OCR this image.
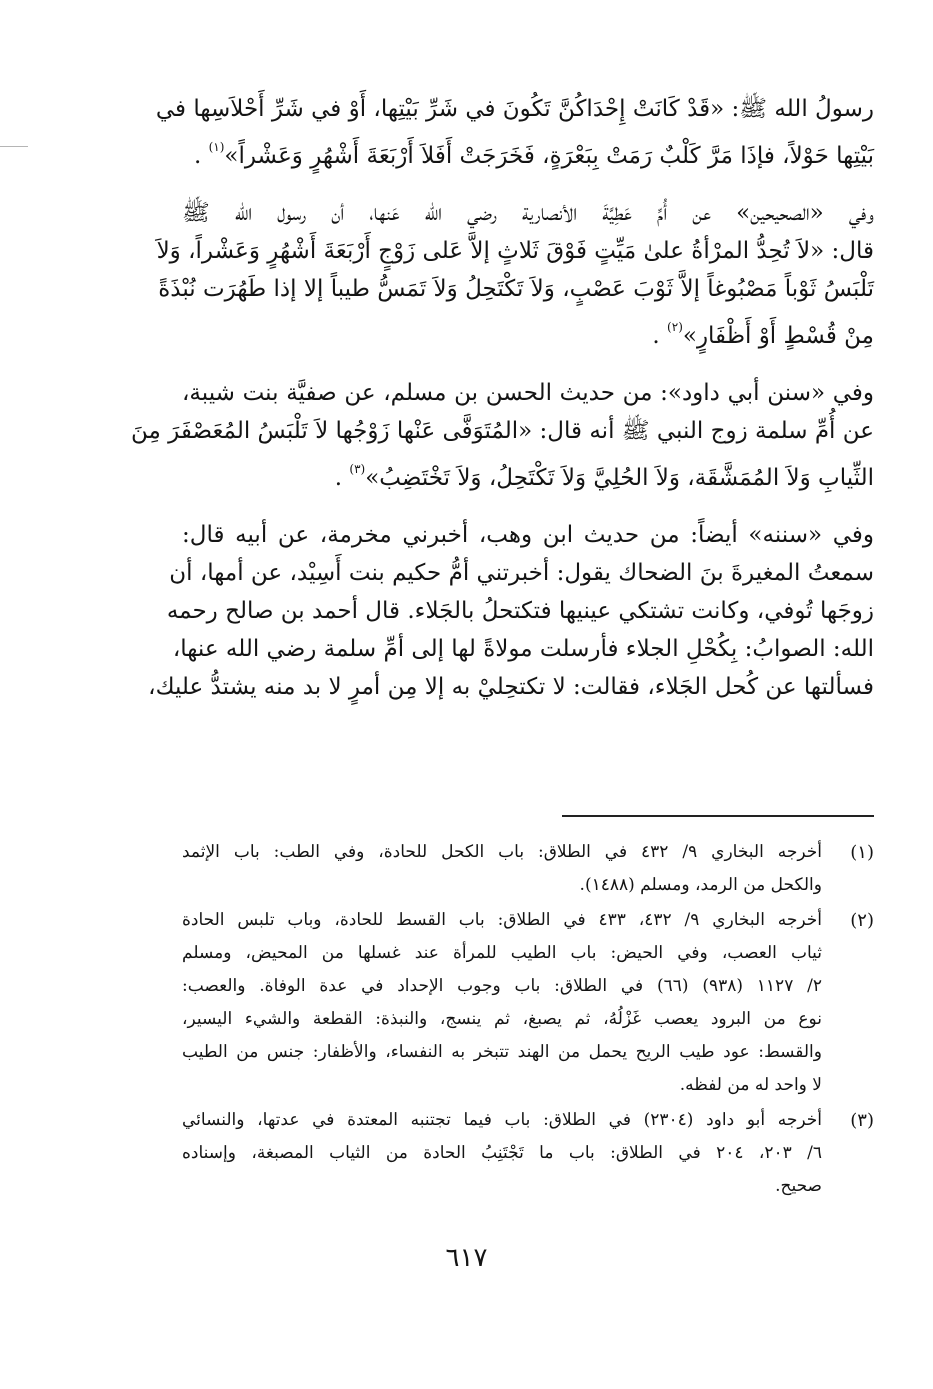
رسولُ الله ﷺ: «قَدْ كَانَتْ إِحْدَاكُنَّ تَكُونَ في شَرِّ بَيْتِها، أَوْ في شَرِّ أَحْلاَسِها في
بَيْتِها حَوْلاً، فإذَا مَرَّ كَلْبٌ رَمَتْ بِبَعْرَةٍ، فَخَرَجَتْ أَفَلاَ أَرْبَعَةَ أَشْهُرٍ وَعَشْراً»$^{(١)}$ .
وفي «الصحيحين» عن أُمِّ عَطِيَّةَ الأنصارية رضي الله عَنها، أن رسول الله ﷺ
قال: «لاَ تُحِدُّ المرْأةُ علىٰ مَيِّتٍ فَوْقَ ثَلاثٍ إلاَّ عَلى زَوْجٍ أَرْبَعَةَ أَشْهُرٍ وَعَشْراً، وَلاَ
تَلْبَسُ ثَوْباً مَصْبُوغاً إلاَّ ثَوْبَ عَصْبٍ، وَلاَ تَكْتَحِلُ وَلاَ تَمَسُّ طيباً إلا إذا طَهُرَت نُبْذَةً
مِنْ قُسْطٍ أَوْ أَظْفَارٍ»$^{(٢)}$ .
وفي «سنن أبي داود»: من حديث الحسن بن مسلم، عن صفيَّة بنت شيبة،
عن أُمِّ سلمة زوج النبي ﷺ أنه قال: «المُتَوَفَّى عَنْها زَوْجُها لاَ تَلْبَسُ المُعَصْفَرَ مِنَ
الثِّيابِ وَلاَ المُمَشَّقَة، وَلاَ الحُلِيَّ وَلاَ تَكْتَحِلُ، وَلاَ تَخْتَضِبُ»$^{(٣)}$ .
وفي «سننه» أيضاً: من حديث ابن وهب، أخبرني مخرمة، عن أبيه قال:
سمعتُ المغيرةَ بنَ الضحاك يقول: أخبرتني أمُّ حكيم بنت أَسِيْد، عن أمها، أن
زوجَها تُوفي، وكانت تشتكي عينيها فتكتحلُ بالجَلاء. قال أحمد بن صالح رحمه
الله: الصوابُ: بِكُحْلِ الجلاء فأرسلت مولاةً لها إلى أمِّ سلمة رضي الله عنها،
فسألتها عن كُحل الجَلاء، فقالت: لا تكتحِليْ به إلا مِن أمرٍ لا بد منه يشتدُّ عليك،
(١)
أخرجه البخاري ٩/ ٤٣٢ في الطلاق: باب الكحل للحادة، وفي الطب: باب الإثمد
والكحل من الرمد، ومسلم (١٤٨٨).
(٢)
أخرجه البخاري ٩/ ٤٣٢، ٤٣٣ في الطلاق: باب القسط للحادة، وباب تلبس الحادة
ثياب العصب، وفي الحيض: باب الطيب للمرأة عند غسلها من المحيض، ومسلم
٢/ ١١٢٧ (٩٣٨) (٦٦) في الطلاق: باب وجوب الإحداد في عدة الوفاة. والعصب:
نوع من البرود يعصب غَزْلُهُ، ثم يصبغ، ثم ينسج، والنبذة: القطعة والشيء اليسير،
والقسط: عود طيب الريح يحمل من الهند تتبخر به النفساء، والأظفار: جنس من الطيب
لا واحد له من لفظه.
(٣)
أخرجه أبو داود (٢٣٠٤) في الطلاق: باب فيما تجتنبه المعتدة في عدتها، والنسائي
٦/ ٢٠٣، ٢٠٤ في الطلاق: باب ما تَجْتَنِبُ الحادة من الثياب المصبغة، وإسناده
صحيح.
٦١٧
